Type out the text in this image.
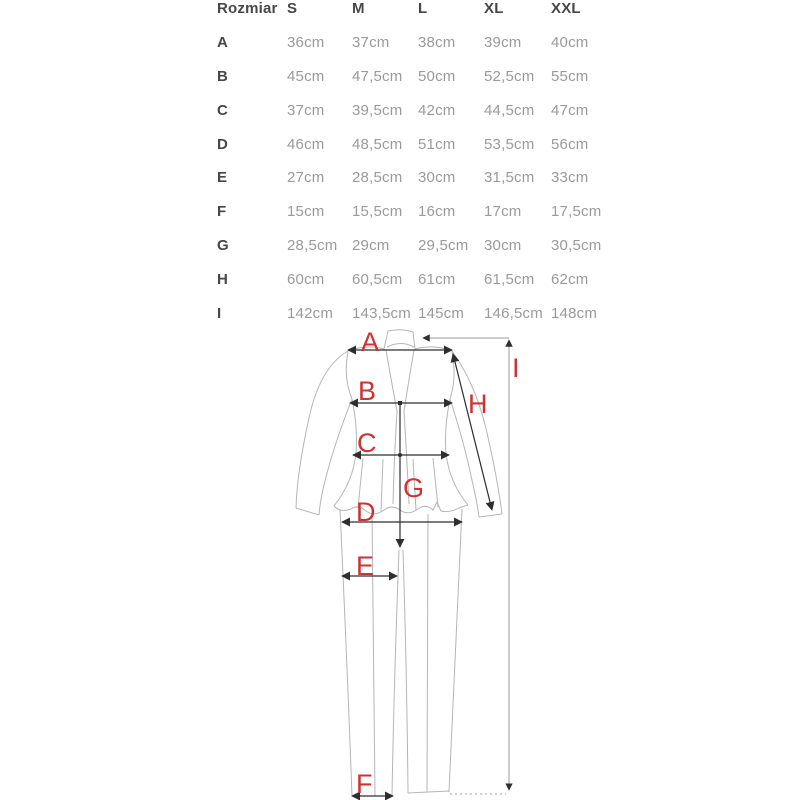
Rozmiar S	M	L	XL	XXL
A	36cm	37cm	38cm	39cm	40cm
B	45cm	47,5cm	50cm	52,5cm	55cm
C	37cm	39,5cm	42cm	44,5cm	47cm
D	46cm	48,5cm	51cm	53,5cm	56cm
E	27cm	28,5cm	30cm	31,5cm	33cm
F	15cm	15,5cm	16cm	17cm	17,5cm
G	28,5cm 29cm	29,5cm	30cm	30,5cm
H	60cm	60,5cm	61cm	61,5cm	62cm
I	142cm	143,5cm 145cm	146,5cm 148cm
A
B
C
D
E
F
G
H
I
